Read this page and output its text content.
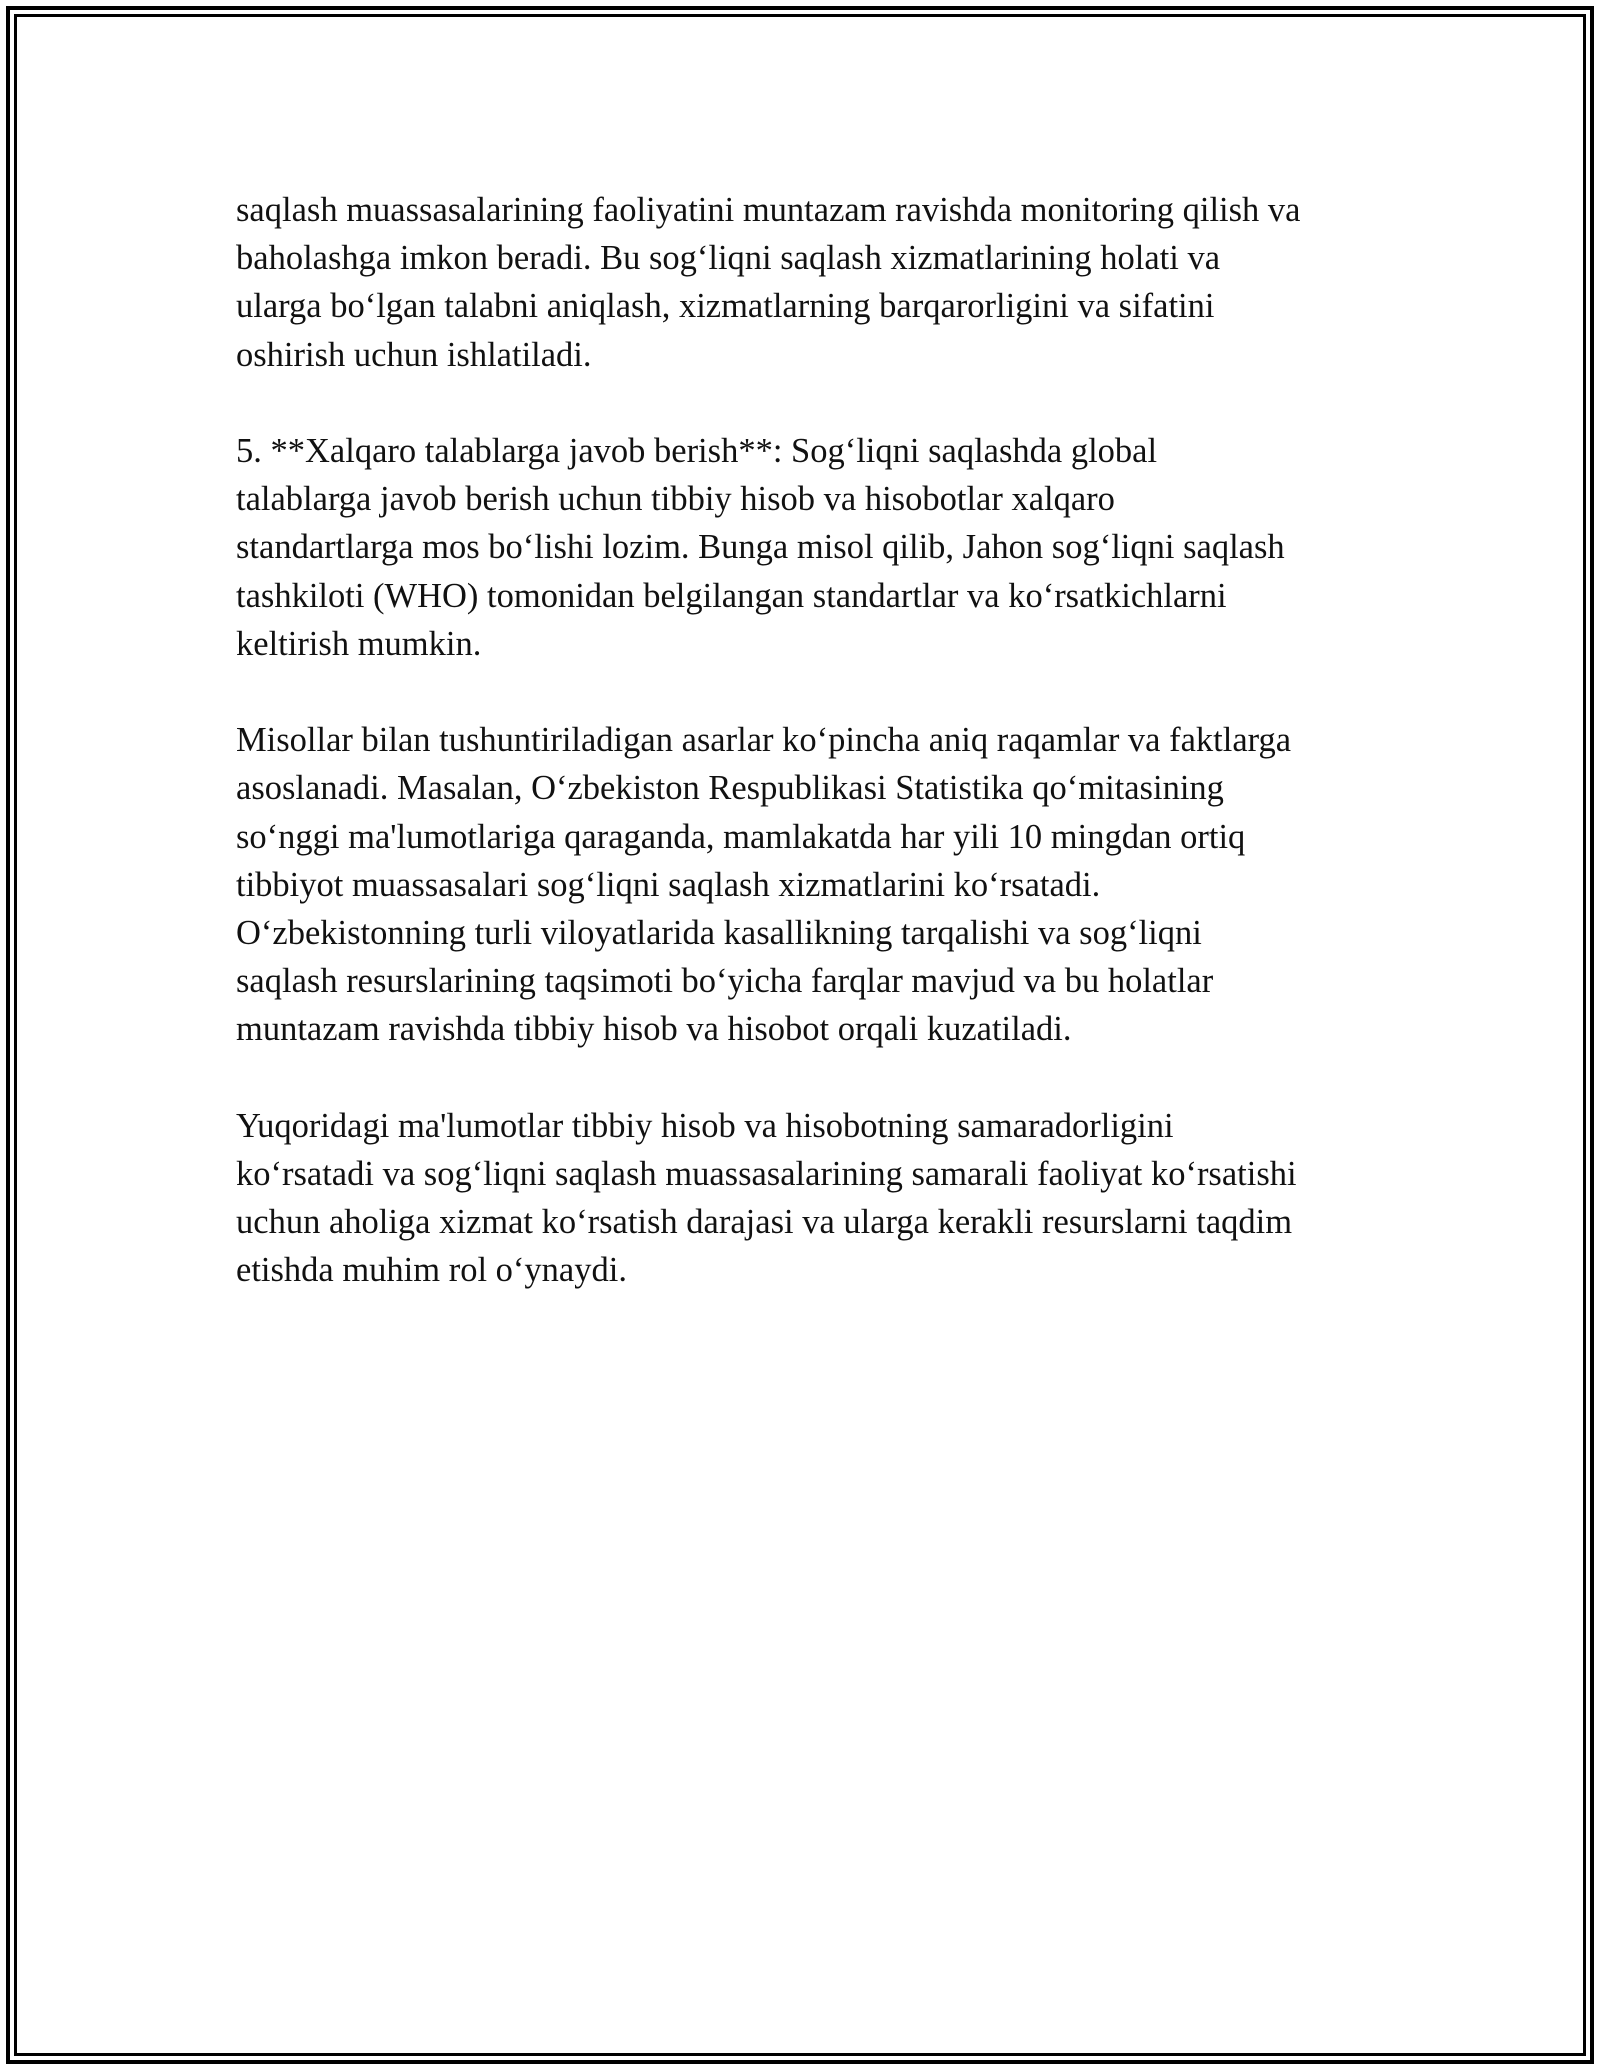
saqlash muassasalarining faoliyatini muntazam ravishda monitoring qilish va
baholashga imkon beradi. Bu sog‘liqni saqlash xizmatlarining holati va
ularga bo‘lgan talabni aniqlash, xizmatlarning barqarorligini va sifatini
oshirish uchun ishlatiladi.
5. **Xalqaro talablarga javob berish**: Sog‘liqni saqlashda global
talablarga javob berish uchun tibbiy hisob va hisobotlar xalqaro
standartlarga mos bo‘lishi lozim. Bunga misol qilib, Jahon sog‘liqni saqlash
tashkiloti (WHO) tomonidan belgilangan standartlar va ko‘rsatkichlarni
keltirish mumkin.
Misollar bilan tushuntiriladigan asarlar ko‘pincha aniq raqamlar va faktlarga
asoslanadi. Masalan, O‘zbekiston Respublikasi Statistika qo‘mitasining
so‘nggi ma'lumotlariga qaraganda, mamlakatda har yili 10 mingdan ortiq
tibbiyot muassasalari sog‘liqni saqlash xizmatlarini ko‘rsatadi.
O‘zbekistonning turli viloyatlarida kasallikning tarqalishi va sog‘liqni
saqlash resurslarining taqsimoti bo‘yicha farqlar mavjud va bu holatlar
muntazam ravishda tibbiy hisob va hisobot orqali kuzatiladi.
Yuqoridagi ma'lumotlar tibbiy hisob va hisobotning samaradorligini
ko‘rsatadi va sog‘liqni saqlash muassasalarining samarali faoliyat ko‘rsatishi
uchun aholiga xizmat ko‘rsatish darajasi va ularga kerakli resurslarni taqdim
etishda muhim rol o‘ynaydi.
